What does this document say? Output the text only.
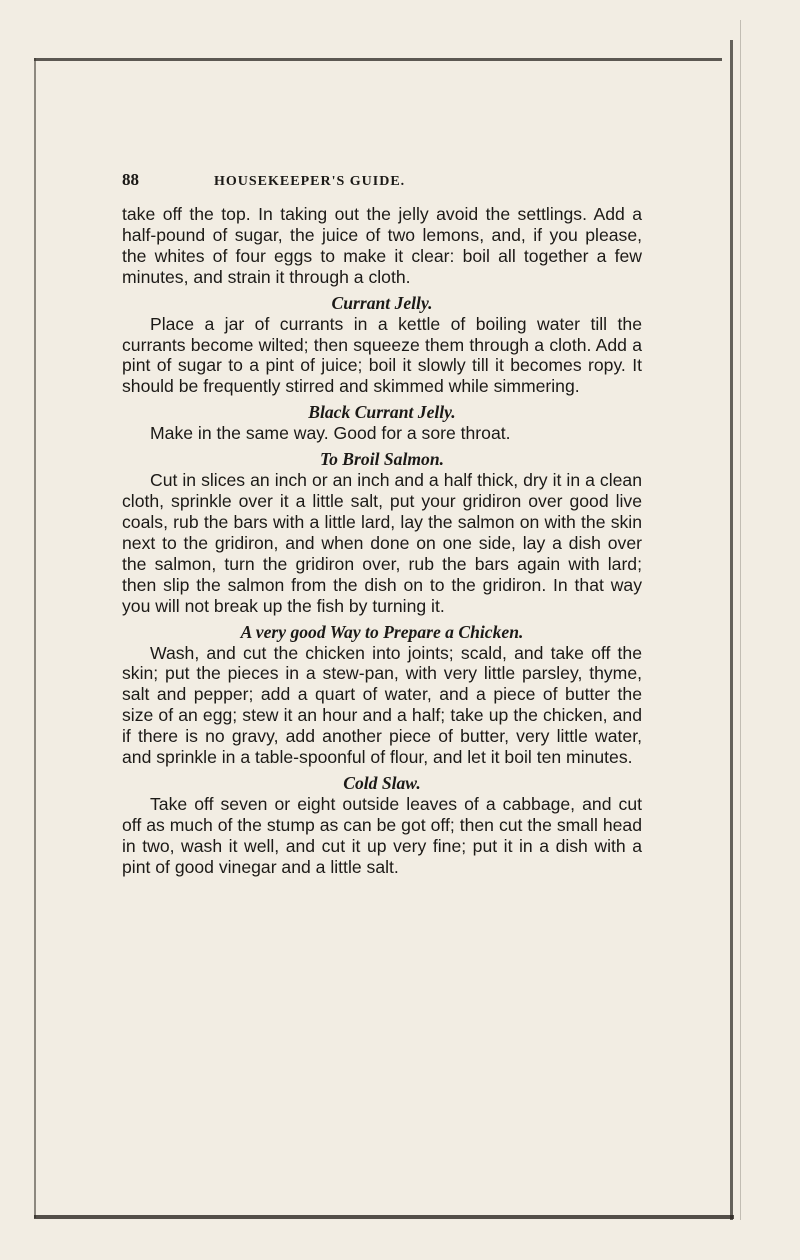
88	HOUSEKEEPER'S GUIDE.

take off the top. In taking out the jelly avoid the settlings. Add a half-pound of sugar, the juice of two lemons, and, if you please, the whites of four eggs to make it clear: boil all together a few minutes, and strain it through a cloth.

Currant Jelly.

Place a jar of currants in a kettle of boiling water till the currants become wilted; then squeeze them through a cloth. Add a pint of sugar to a pint of juice; boil it slowly till it becomes ropy. It should be frequently stirred and skimmed while simmering.

Black Currant Jelly.

Make in the same way. Good for a sore throat.

To Broil Salmon.

Cut in slices an inch or an inch and a half thick, dry it in a clean cloth, sprinkle over it a little salt, put your gridiron over good live coals, rub the bars with a little lard, lay the salmon on with the skin next to the gridiron, and when done on one side, lay a dish over the salmon, turn the gridiron over, rub the bars again with lard; then slip the salmon from the dish on to the gridiron. In that way you will not break up the fish by turning it.

A very good Way to Prepare a Chicken.

Wash, and cut the chicken into joints; scald, and take off the skin; put the pieces in a stew-pan, with very little parsley, thyme, salt and pepper; add a quart of water, and a piece of butter the size of an egg; stew it an hour and a half; take up the chicken, and if there is no gravy, add another piece of butter, very little water, and sprinkle in a table-spoonful of flour, and let it boil ten minutes.

Cold Slaw.

Take off seven or eight outside leaves of a cabbage, and cut off as much of the stump as can be got off; then cut the small head in two, wash it well, and cut it up very fine; put it in a dish with a pint of good vinegar and a little salt.
